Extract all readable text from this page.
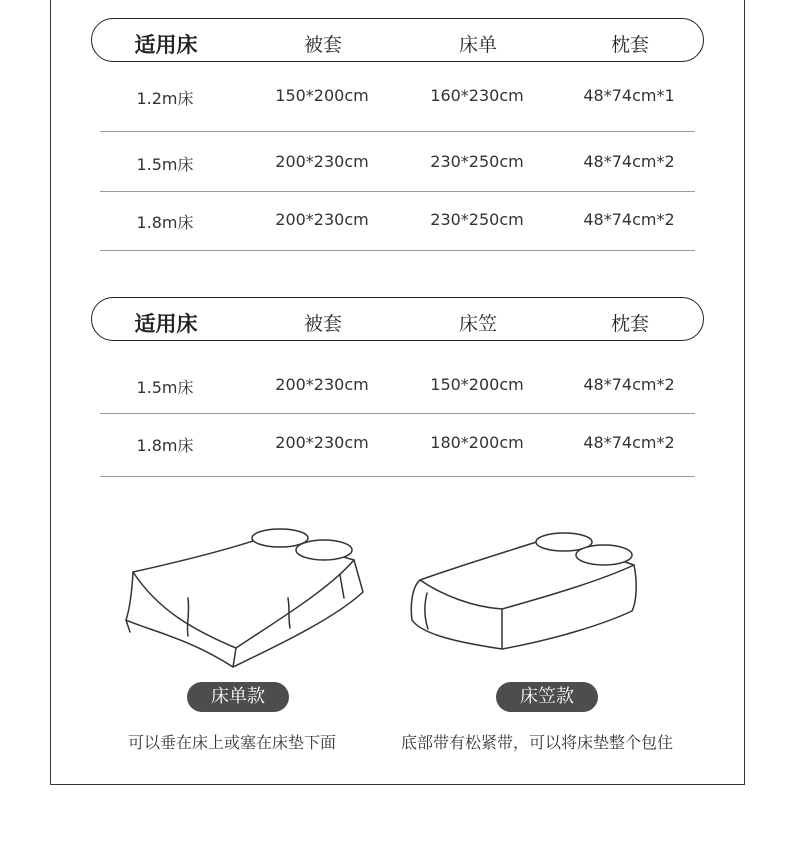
适用床	被套	床单	枕套
1.2m床	150*200cm	160*230cm	48*74cm*1
1.5m床	200*230cm	230*250cm	48*74cm*2
1.8m床	200*230cm	230*250cm	48*74cm*2
适用床	被套	床笠	枕套
1.5m床	200*230cm	150*200cm	48*74cm*2
1.8m床	200*230cm	180*200cm	48*74cm*2
床单款
可以垂在床上或塞在床垫下面
床笠款
底部带有松紧带，可以将床垫整个包住
